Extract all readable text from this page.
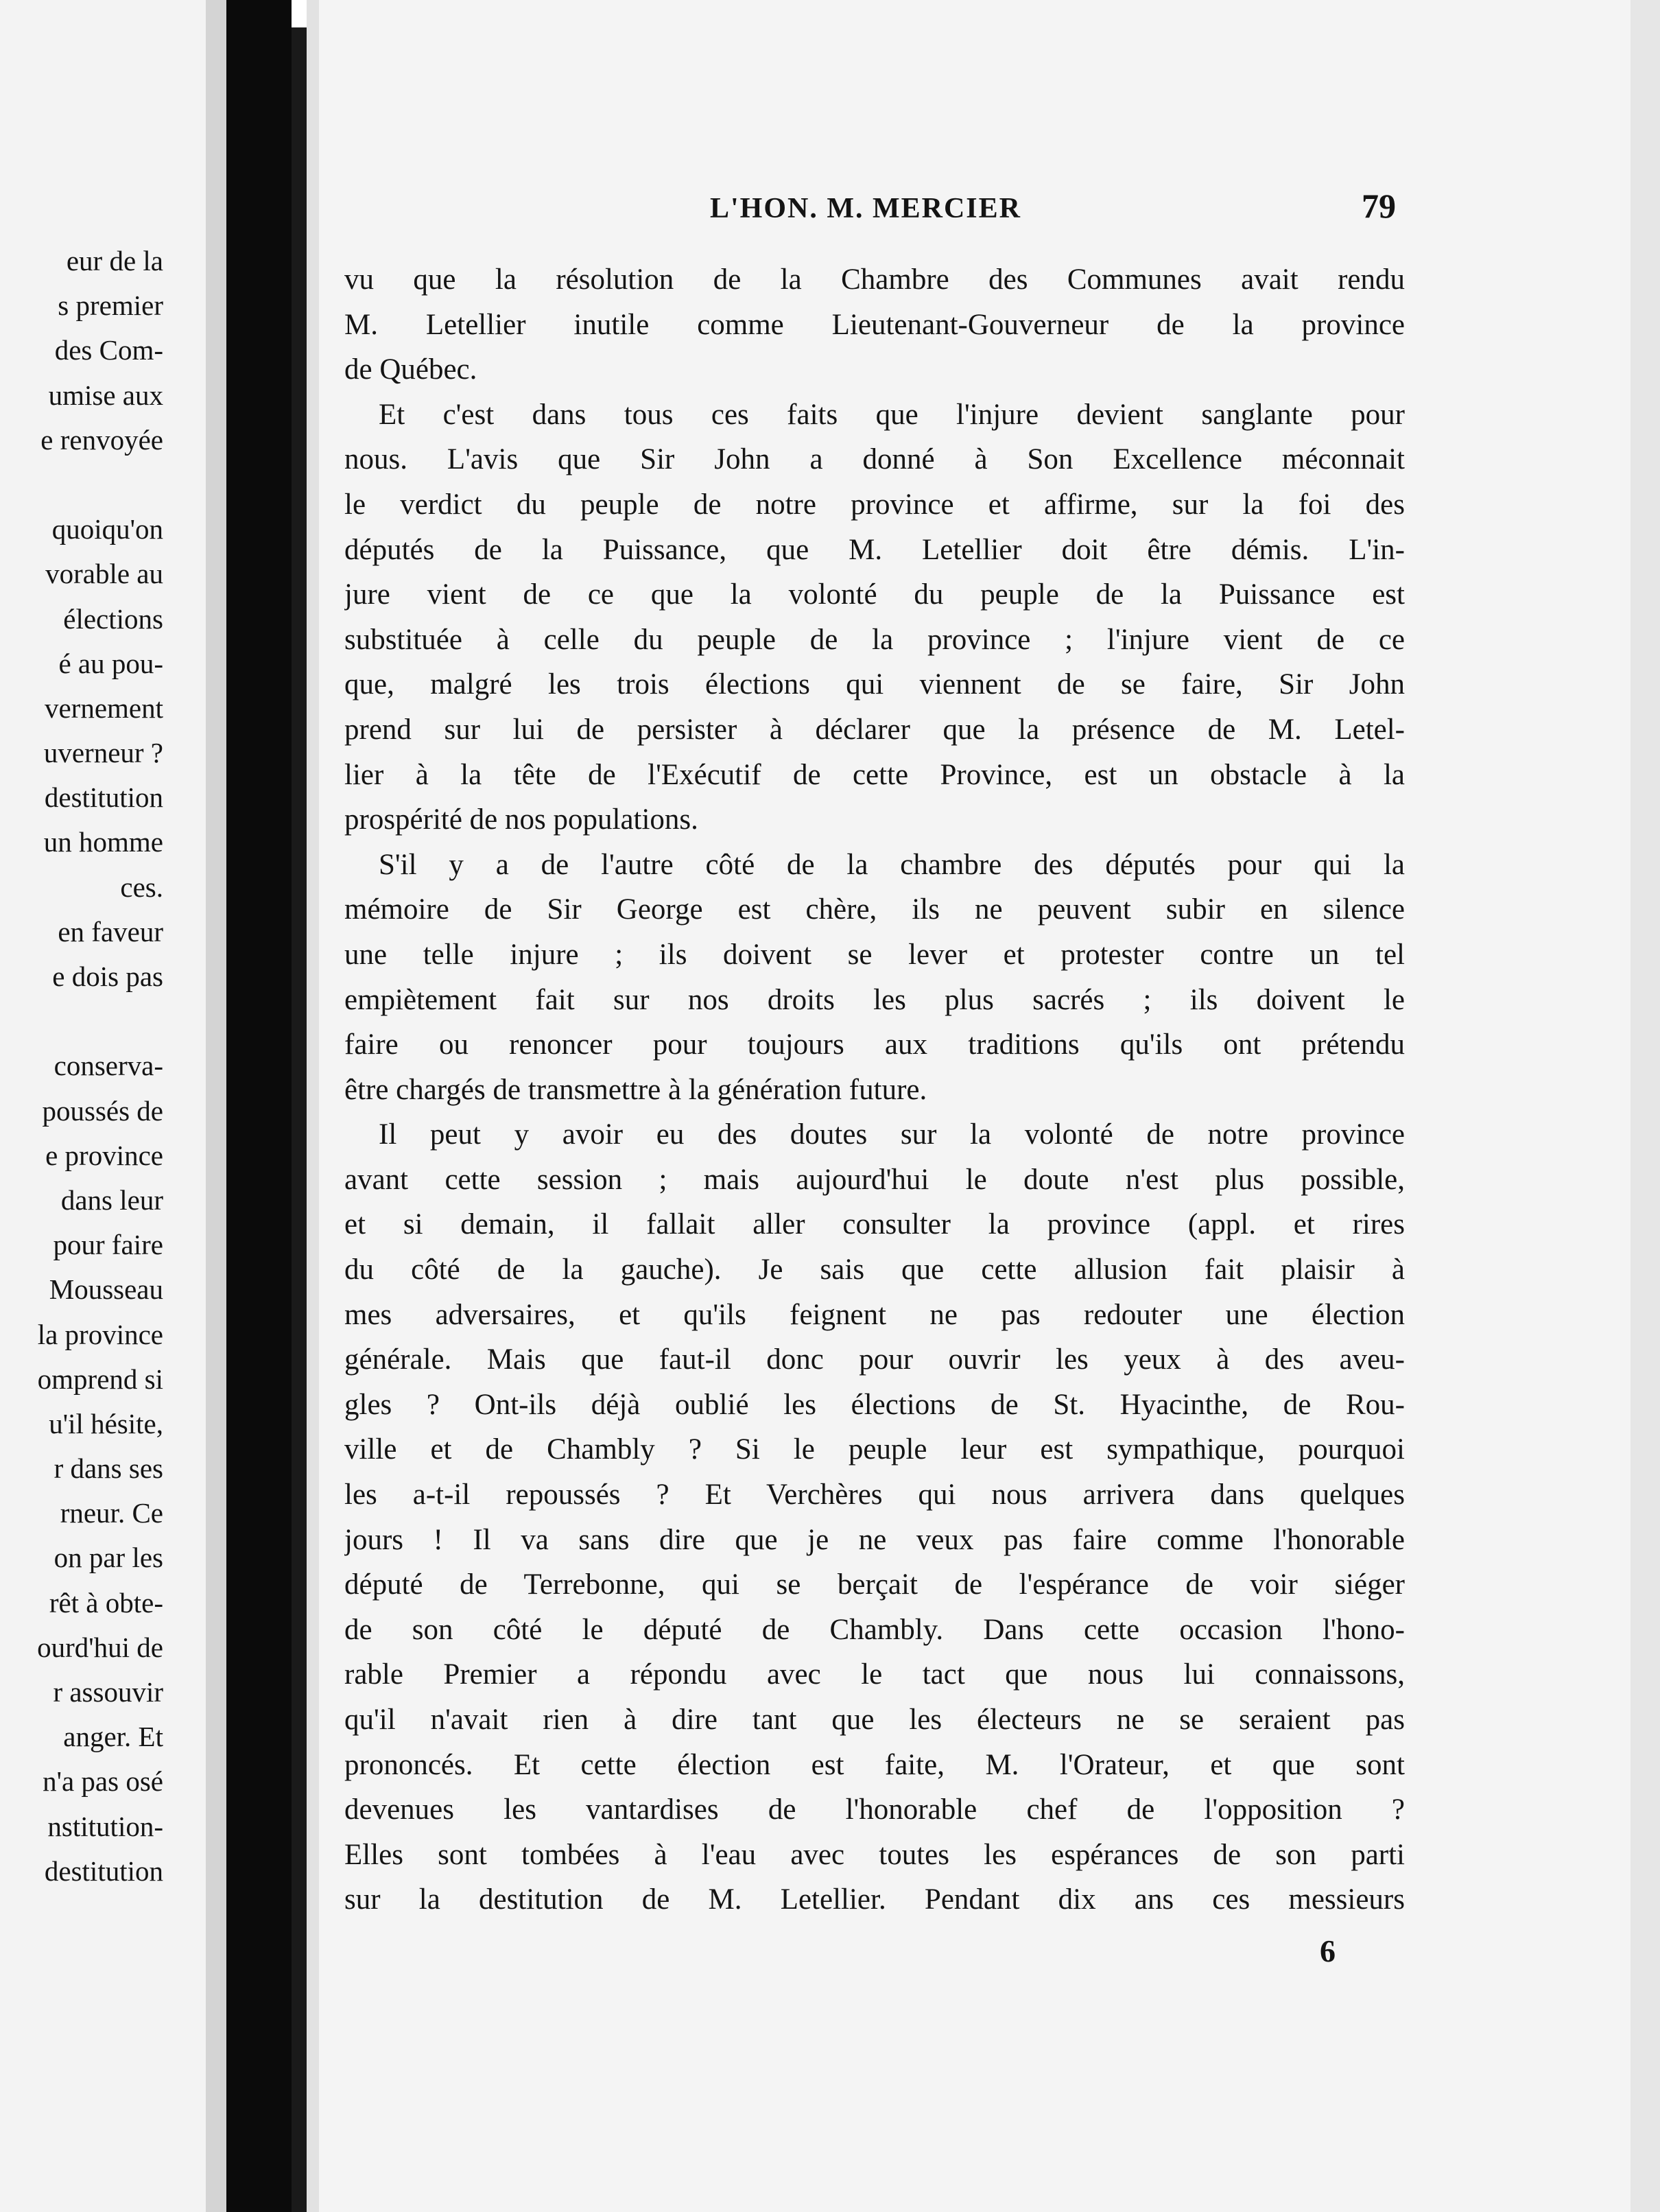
eur de la
s premier
des Com-
umise aux
e renvoyée
quoiqu'on
vorable au
élections
é au pou-
vernement
uverneur ?
destitution
un homme
ces.
en faveur
e dois pas
conserva-
poussés de
e province
dans leur
pour faire
Mousseau
la province
omprend si
u'il hésite,
r dans ses
rneur. Ce
on par les
rêt à obte-
ourd'hui de
r assouvir
anger. Et
n'a pas osé
nstitution-
destitution
L'HON. M. MERCIER	79
vu que la résolution de la Chambre des Communes avait rendu
M. Letellier inutile comme Lieutenant-Gouverneur de la province
de Québec.
Et c'est dans tous ces faits que l'injure devient sanglante pour
nous. L'avis que Sir John a donné à Son Excellence méconnait
le verdict du peuple de notre province et affirme, sur la foi des
députés de la Puissance, que M. Letellier doit être démis. L'in-
jure vient de ce que la volonté du peuple de la Puissance est
substituée à celle du peuple de la province ; l'injure vient de ce
que, malgré les trois élections qui viennent de se faire, Sir John
prend sur lui de persister à déclarer que la présence de M. Letel-
lier à la tête de l'Exécutif de cette Province, est un obstacle à la
prospérité de nos populations.
S'il y a de l'autre côté de la chambre des députés pour qui la
mémoire de Sir George est chère, ils ne peuvent subir en silence
une telle injure ; ils doivent se lever et protester contre un tel
empiètement fait sur nos droits les plus sacrés ; ils doivent le
faire ou renoncer pour toujours aux traditions qu'ils ont prétendu
être chargés de transmettre à la génération future.
Il peut y avoir eu des doutes sur la volonté de notre province
avant cette session ; mais aujourd'hui le doute n'est plus possible,
et si demain, il fallait aller consulter la province (appl. et rires
du côté de la gauche). Je sais que cette allusion fait plaisir à
mes adversaires, et qu'ils feignent ne pas redouter une élection
générale. Mais que faut-il donc pour ouvrir les yeux à des aveu-
gles ? Ont-ils déjà oublié les élections de St. Hyacinthe, de Rou-
ville et de Chambly ? Si le peuple leur est sympathique, pourquoi
les a-t-il repoussés ? Et Verchères qui nous arrivera dans quelques
jours ! Il va sans dire que je ne veux pas faire comme l'honorable
député de Terrebonne, qui se berçait de l'espérance de voir siéger
de son côté le député de Chambly. Dans cette occasion l'hono-
rable Premier a répondu avec le tact que nous lui connaissons,
qu'il n'avait rien à dire tant que les électeurs ne se seraient pas
prononcés. Et cette élection est faite, M. l'Orateur, et que sont
devenues les vantardises de l'honorable chef de l'opposition ?
Elles sont tombées à l'eau avec toutes les espérances de son parti
sur la destitution de M. Letellier. Pendant dix ans ces messieurs
6
